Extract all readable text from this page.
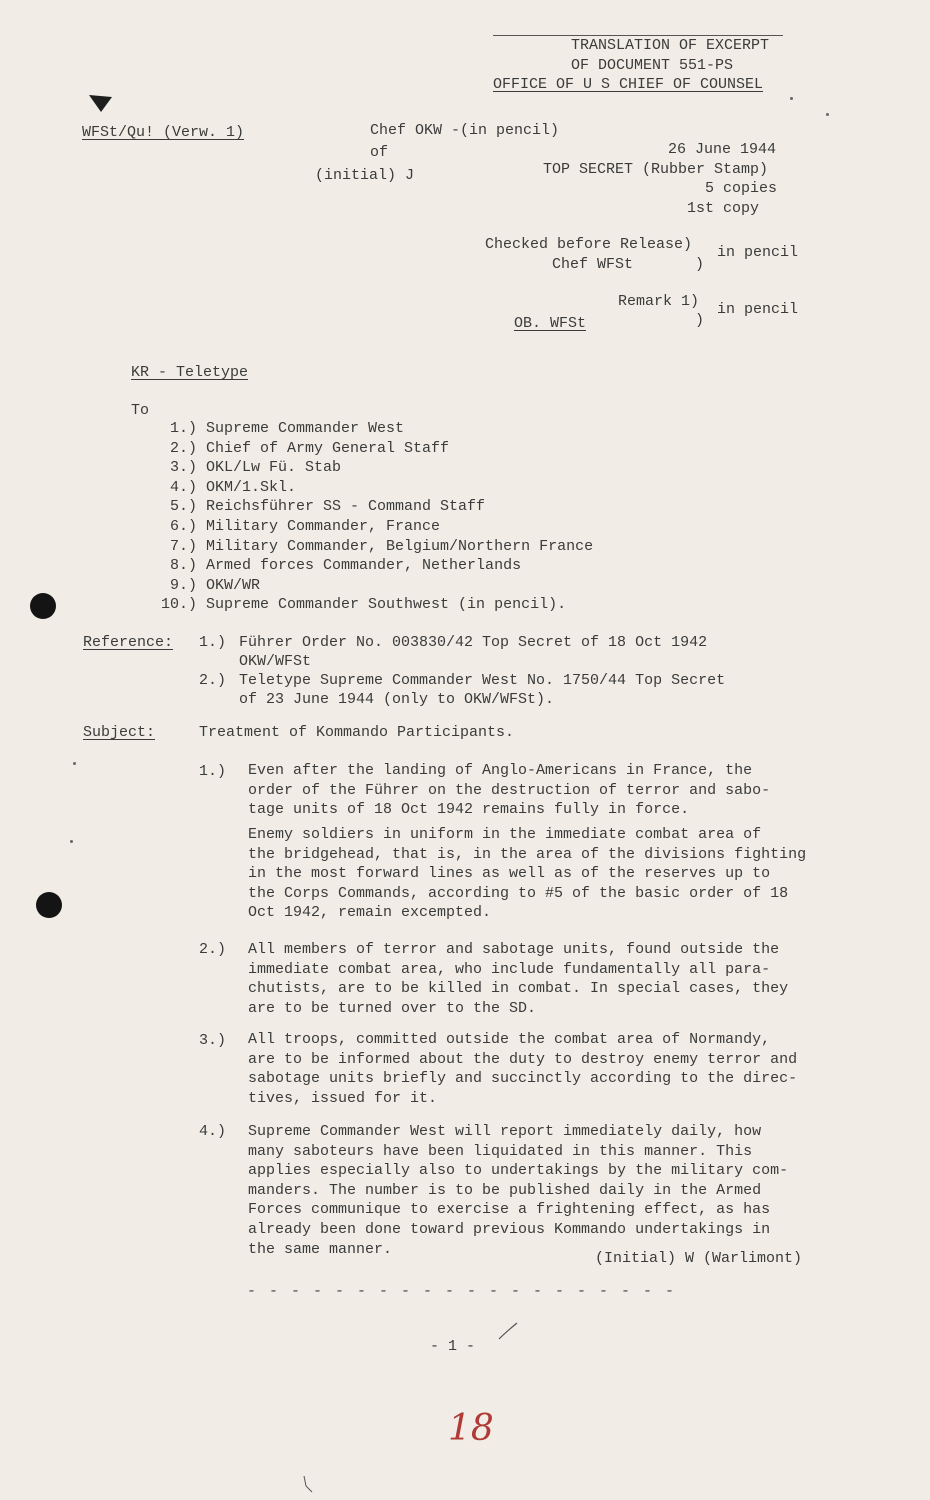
TRANSLATION OF EXCERPT
OF DOCUMENT 551-PS
OFFICE OF U S CHIEF OF COUNSEL
WFSt/Qu! (Verw. 1)	Chef OKW -(in pencil)
of
(initial) J
26 June 1944
TOP SECRET (Rubber Stamp)
5 copies
1st copy
Checked before Release)
Chef WFSt	)
in pencil
Remark 1)
)
in pencil
OB. WFSt
KR - Teletype
To
1.) Supreme Commander West
2.) Chief of Army General Staff
3.) OKL/Lw Fü. Stab
4.) OKM/1.Skl.
5.) Reichsführer SS - Command Staff
6.) Military Commander, France
7.) Military Commander, Belgium/Northern France
8.) Armed forces Commander, Netherlands
9.) OKW/WR
10.) Supreme Commander Southwest (in pencil).
Reference: 1.) Führer Order No. 003830/42 Top Secret of 18 Oct 1942
OKW/WFSt
2.) Teletype Supreme Commander West No. 1750/44 Top Secret
of 23 June 1944 (only to OKW/WFSt).
Subject:	Treatment of Kommando Participants.
1.) Even after the landing of Anglo-Americans in France, the
order of the Führer on the destruction of terror and sabo-
tage units of 18 Oct 1942 remains fully in force.
Enemy soldiers in uniform in the immediate combat area of
the bridgehead, that is, in the area of the divisions fighting
in the most forward lines as well as of the reserves up to
the Corps Commands, according to #5 of the basic order of 18
Oct 1942, remain excempted.
2.) All members of terror and sabotage units, found outside the
immediate combat area, who include fundamentally all para-
chutists, are to be killed in combat. In special cases, they
are to be turned over to the SD.
3.) All troops, committed outside the combat area of Normandy,
are to be informed about the duty to destroy enemy terror and
sabotage units briefly and succinctly according to the direc-
tives, issued for it.
4.) Supreme Commander West will report immediately daily, how
many saboteurs have been liquidated in this manner. This
applies especially also to undertakings by the military com-
manders. The number is to be published daily in the Armed
Forces communique to exercise a frightening effect, as has
already been done toward previous Kommando undertakings in
the same manner.
(Initial) W (Warlimont)
- - - - - - - - - - - - - - - - - - - -
- 1 -
18
